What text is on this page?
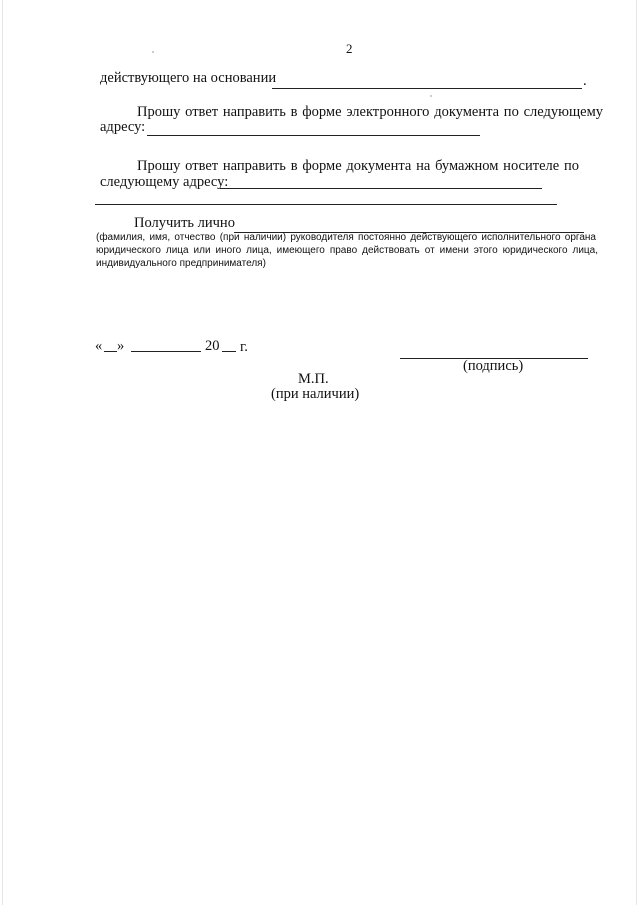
2
действующего на основании	.
Прошу ответ направить в форме электронного документа по следующему
адресу:
Прошу ответ направить в форме документа на бумажном носителе по
следующему адресу:
Получить лично
(фамилия, имя, отчество (при наличии) руководителя постоянно действующего исполнительного органа
юридического лица или иного лица, имеющего право действовать от имени этого юридического лица,
индивидуального предпринимателя)
« »	20 г.
(подпись)
М.П.
(при наличии)
